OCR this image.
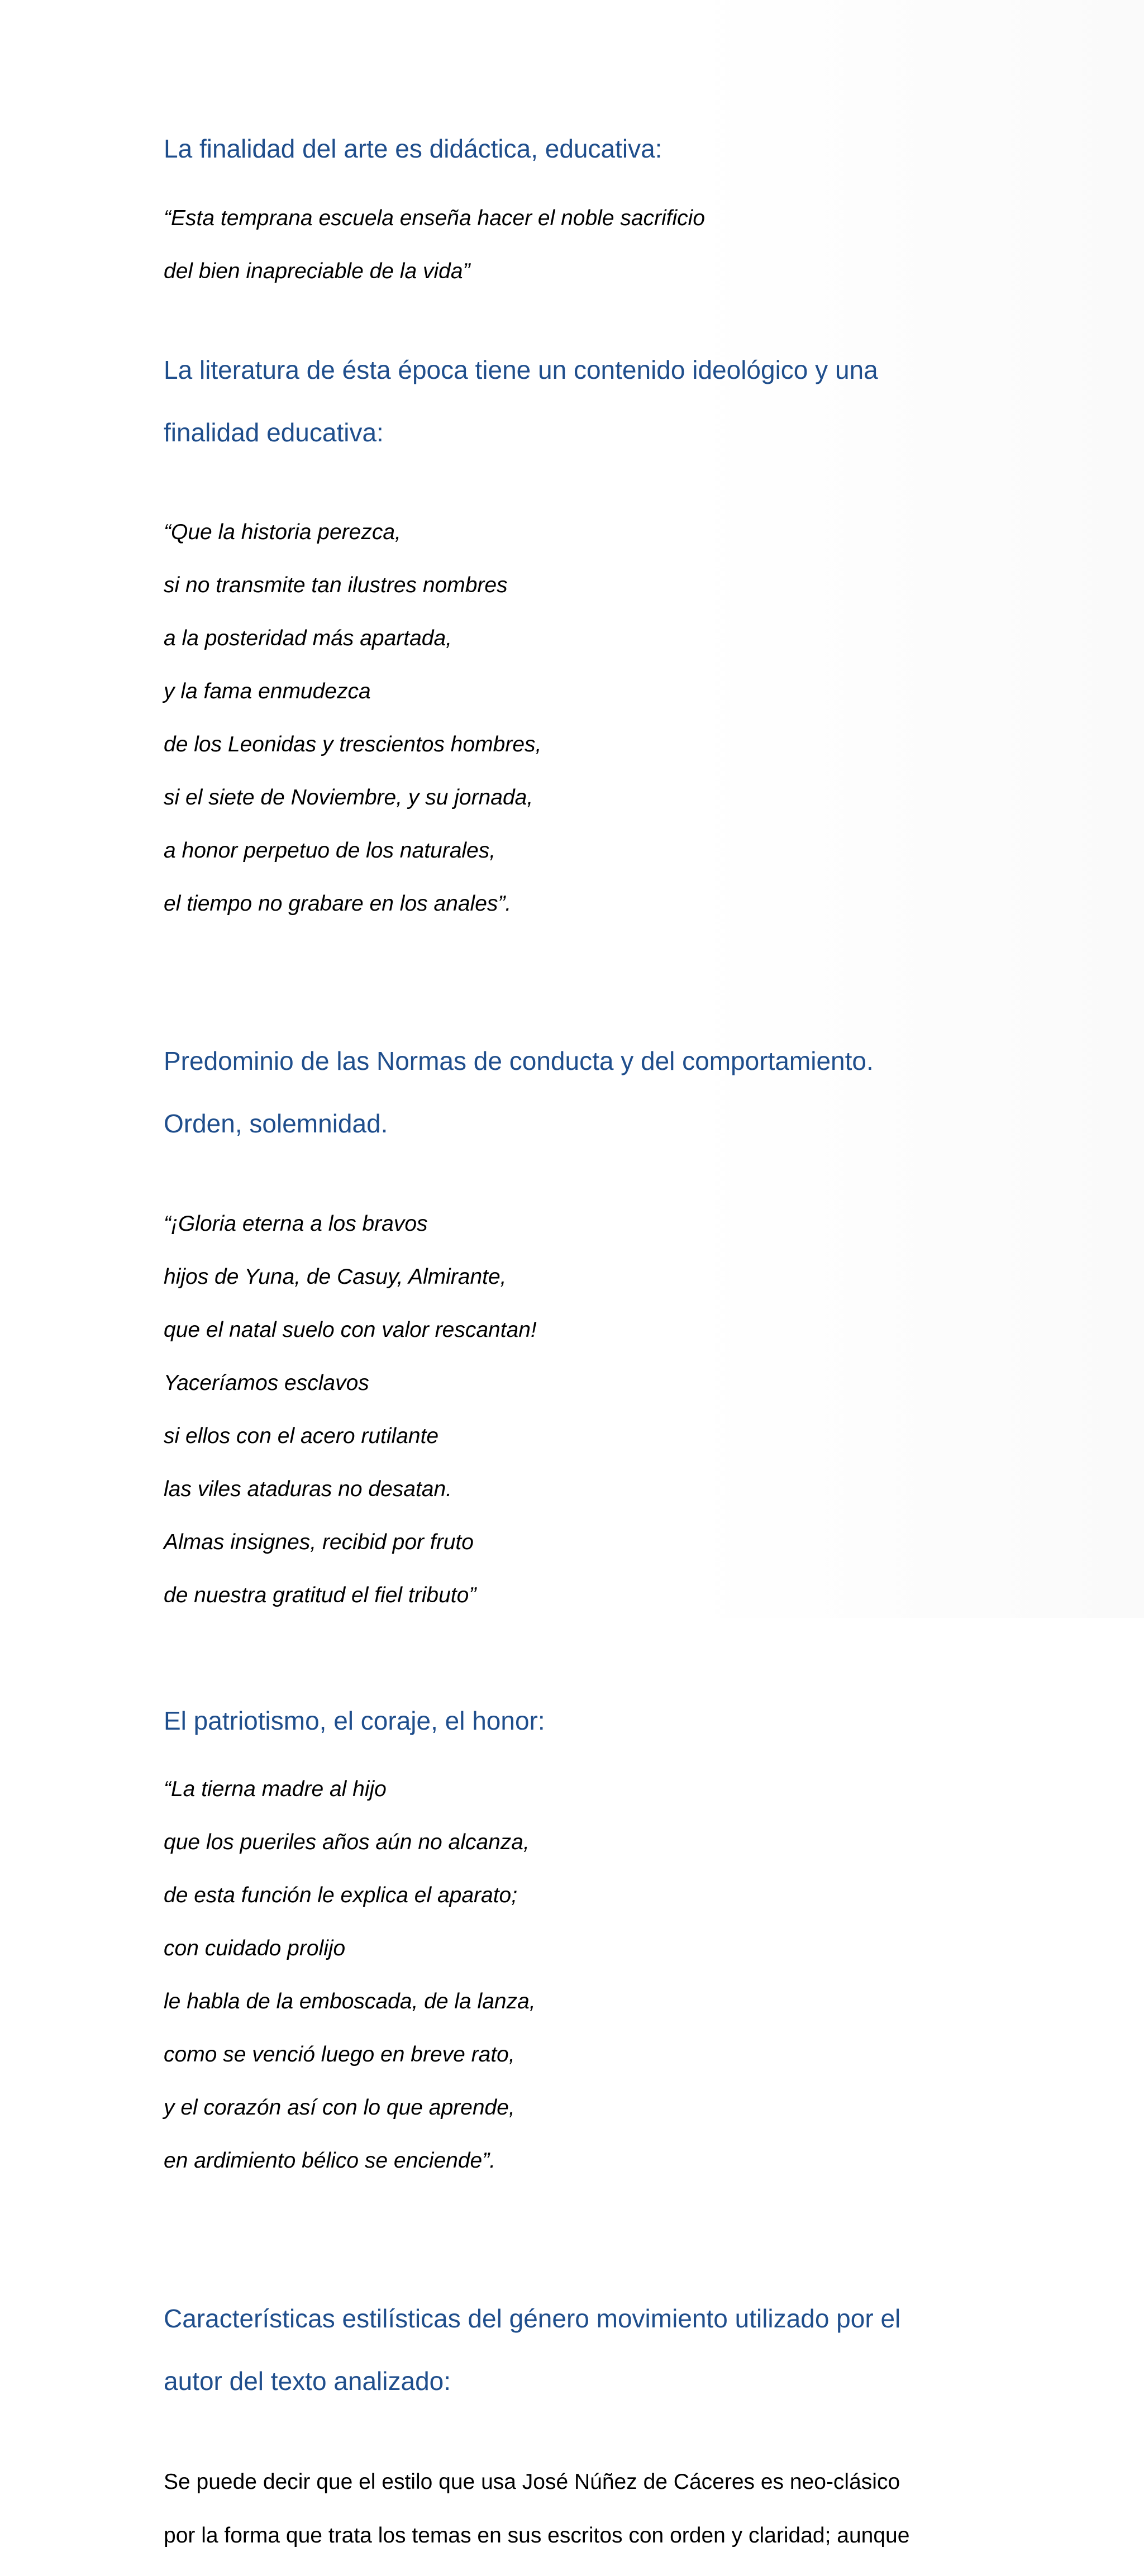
La finalidad del arte es didáctica, educativa:

“Esta temprana escuela enseña hacer el noble sacrificio

del bien inapreciable de la vida”

La literatura de ésta época tiene un contenido ideológico y una

finalidad educativa:

“Que la historia perezca,

si no transmite tan ilustres nombres

a la posteridad más apartada,

y la fama enmudezca

de los Leonidas y trescientos hombres,

si el siete de Noviembre, y su jornada,

a honor perpetuo de los naturales,

el tiempo no grabare en los anales”.

Predominio de las Normas de conducta y del comportamiento.

Orden, solemnidad.

“¡Gloria eterna a los bravos

hijos de Yuna, de Casuy, Almirante,

que el natal suelo con valor rescantan!

Yaceríamos esclavos

si ellos con el acero rutilante

las viles ataduras no desatan.

Almas insignes, recibid por fruto

de nuestra gratitud el fiel tributo”

El patriotismo, el coraje, el honor:

“La tierna madre al hijo

que los pueriles años aún no alcanza,

de esta función le explica el aparato;

con cuidado prolijo

le habla de la emboscada, de la lanza,

como se venció luego en breve rato,

y el corazón así con lo que aprende,

en ardimiento bélico se enciende”.

Características estilísticas del género movimiento utilizado por el

autor del texto analizado:

Se puede decir que el estilo que usa José Núñez de Cáceres es neo-clásico

por la forma que trata los temas en sus escritos con orden y claridad; aunque
